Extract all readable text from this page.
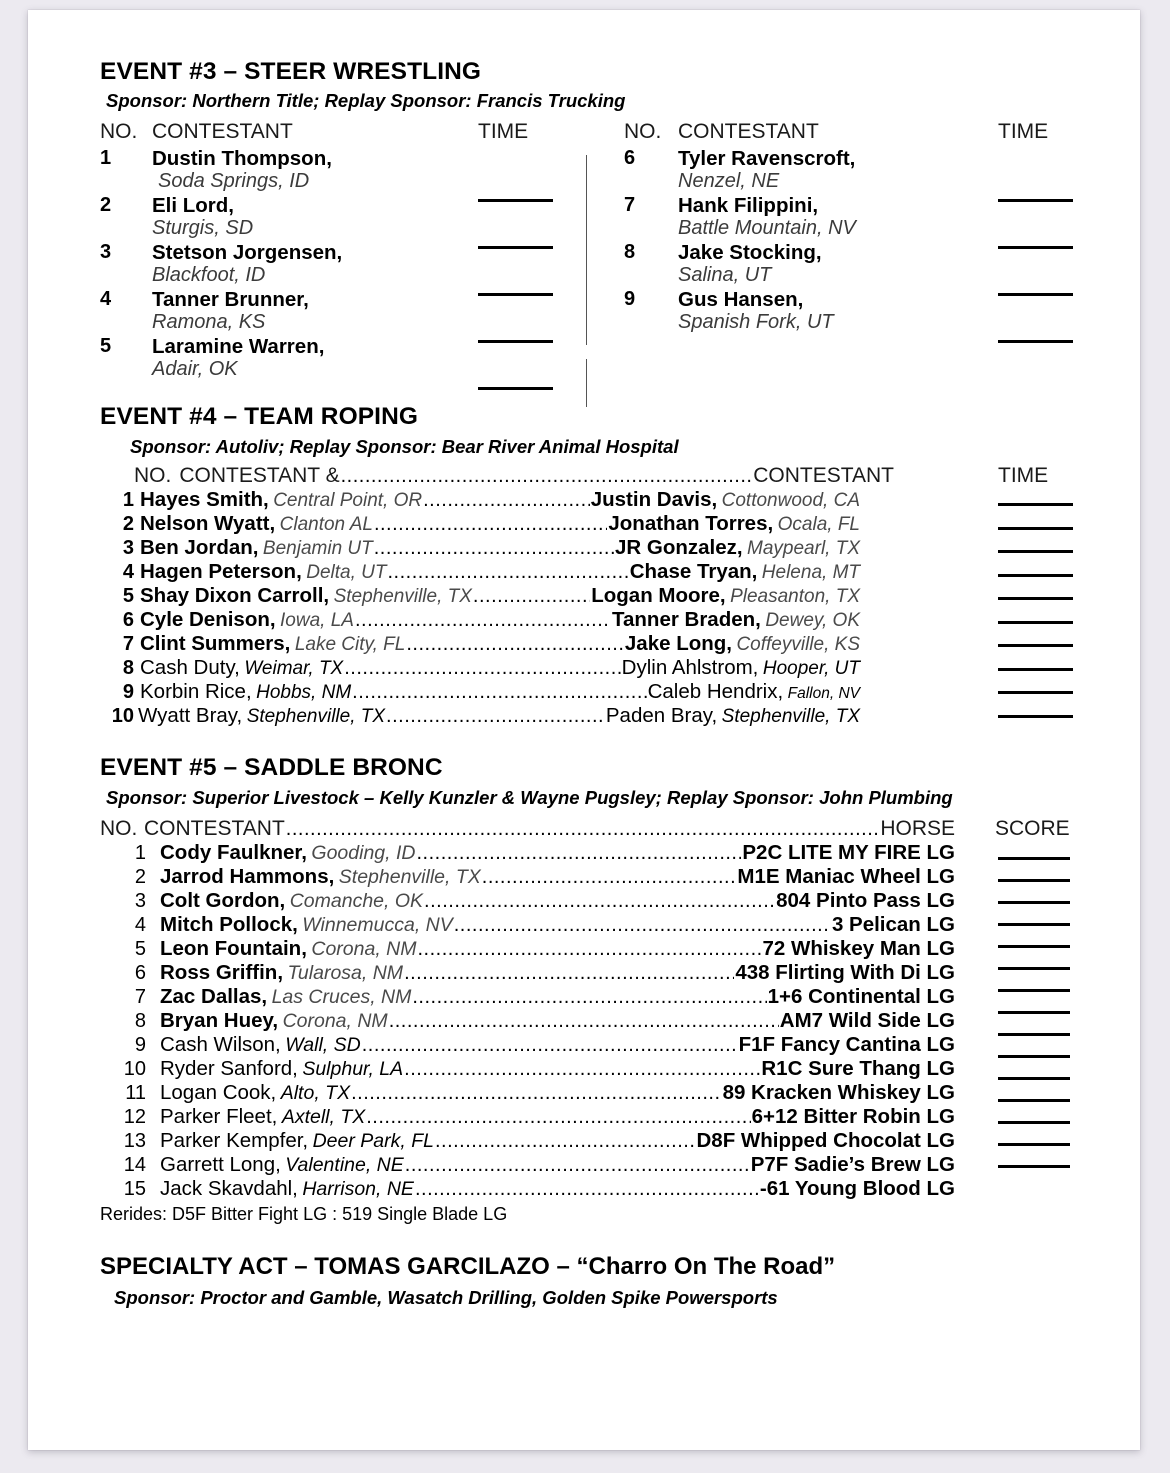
EVENT #3 – STEER WRESTLING
Sponsor: Northern Title; Replay Sponsor: Francis Trucking
NO. CONTESTANT	TIME	NO. CONTESTANT	TIME
1 Dustin Thompson,
Soda Springs, ID
2 Eli Lord,
Sturgis, SD
3 Stetson Jorgensen,
Blackfoot, ID
4 Tanner Brunner,
Ramona, KS
5 Laramine Warren,
Adair, OK
6 Tyler Ravenscroft,
Nenzel, NE
7 Hank Filippini,
Battle Mountain, NV
8 Jake Stocking,
Salina, UT
9 Gus Hansen,
Spanish Fork, UT
EVENT #4 – TEAM ROPING
Sponsor: Autoliv; Replay Sponsor: Bear River Animal Hospital
NO. CONTESTANT & .....	CONTESTANT	TIME
1 Hayes Smith, Central Point, OR .....	Justin Davis, Cottonwood, CA
2 Nelson Wyatt, Clanton AL .....	Jonathan Torres, Ocala, FL
3 Ben Jordan, Benjamin UT .....	JR Gonzalez, Maypearl, TX
4 Hagen Peterson, Delta, UT .....	Chase Tryan, Helena, MT
5 Shay Dixon Carroll, Stephenville, TX .....	Logan Moore, Pleasanton, TX
6 Cyle Denison, Iowa, LA .....	Tanner Braden, Dewey, OK
7 Clint Summers, Lake City, FL .....	Jake Long, Coffeyville, KS
8 Cash Duty, Weimar, TX .....	Dylin Ahlstrom, Hooper, UT
9 Korbin Rice, Hobbs, NM .....	Caleb Hendrix, Fallon, NV
10 Wyatt Bray, Stephenville, TX .....	Paden Bray, Stephenville, TX
EVENT #5 – SADDLE BRONC
Sponsor: Superior Livestock – Kelly Kunzler & Wayne Pugsley; Replay Sponsor: John Plumbing
NO. CONTESTANT .....	HORSE SCORE
1 Cody Faulkner, Gooding, ID .....	P2C LITE MY FIRE LG
2 Jarrod Hammons, Stephenville, TX .....	M1E Maniac Wheel LG
3 Colt Gordon, Comanche, OK .....	804 Pinto Pass LG
4 Mitch Pollock, Winnemucca, NV .....	3 Pelican LG
5 Leon Fountain, Corona, NM .....	72 Whiskey Man LG
6 Ross Griffin, Tularosa, NM .....	438 Flirting With Di LG
7 Zac Dallas, Las Cruces, NM .....	1+6 Continental LG
8 Bryan Huey, Corona, NM .....	AM7 Wild Side LG
9 Cash Wilson, Wall, SD .....	F1F Fancy Cantina LG
10 Ryder Sanford, Sulphur, LA .....	R1C Sure Thang LG
11 Logan Cook, Alto, TX .....	89 Kracken Whiskey LG
12 Parker Fleet, Axtell, TX .....	6+12 Bitter Robin LG
13 Parker Kempfer, Deer Park, FL .....	D8F Whipped Chocolat LG
14 Garrett Long, Valentine, NE .....	P7F Sadie’s Brew LG
15 Jack Skavdahl, Harrison, NE .....	-61 Young Blood LG
Rerides: D5F Bitter Fight LG : 519 Single Blade LG
SPECIALTY ACT – TOMAS GARCILAZO – “Charro On The Road”
Sponsor: Proctor and Gamble, Wasatch Drilling, Golden Spike Powersports
